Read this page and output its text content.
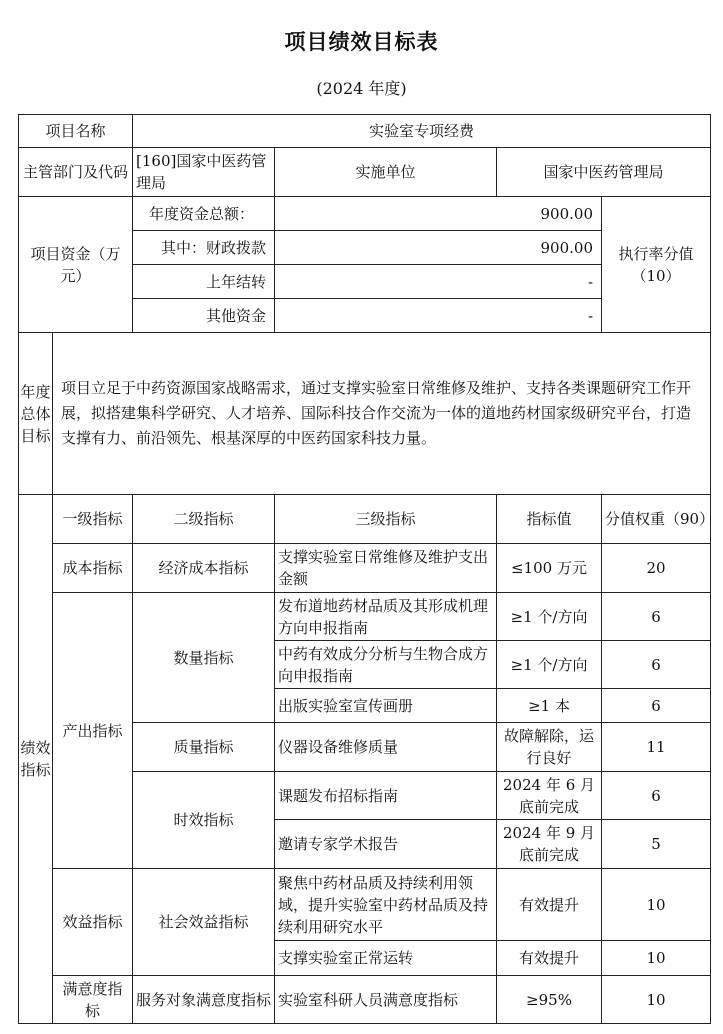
项目绩效目标表
(2024 年度)
项目名称		实验室专项经费			
主管部门及代码		[160]国家中医药管理局	实施单位	国家中医药管理局	
项目资金（万元）		年度资金总额：	900.00		执行率分值（10）
		其中：财政拨款	900.00		
		上年结转	-		
		其他资金	-		
年度总体目标	项目立足于中药资源国家战略需求，通过支撑实验室日常维修及维护、支持各类课题研究工作开展，拟搭建集科学研究、人才培养、国际科技合作交流为一体的道地药材国家级研究平台，打造支撑有力、前沿领先、根基深厚的中医药国家科技力量。				
绩效指标	一级指标	二级指标	三级指标	指标值	分值权重（90）
	成本指标	经济成本指标	支撑实验室日常维修及维护支出金额	≤100 万元	20
	产出指标	数量指标	发布道地药材品质及其形成机理方向申报指南	≥1 个/方向	6
			中药有效成分分析与生物合成方向申报指南	≥1 个/方向	6
			出版实验室宣传画册	≥1 本	6
		质量指标	仪器设备维修质量	故障解除，运行良好	11
		时效指标	课题发布招标指南	2024 年 6 月底前完成	6
			邀请专家学术报告	2024 年 9 月底前完成	5

	效益指标	社会效益指标	聚焦中药材品质及持续利用领域，提升实验室中药材品质及持续利用研究水平	有效提升	10
			支撑实验室正常运转	有效提升	10
	满意度指标	服务对象满意度指标	实验室科研人员满意度指标	≥95%	10
